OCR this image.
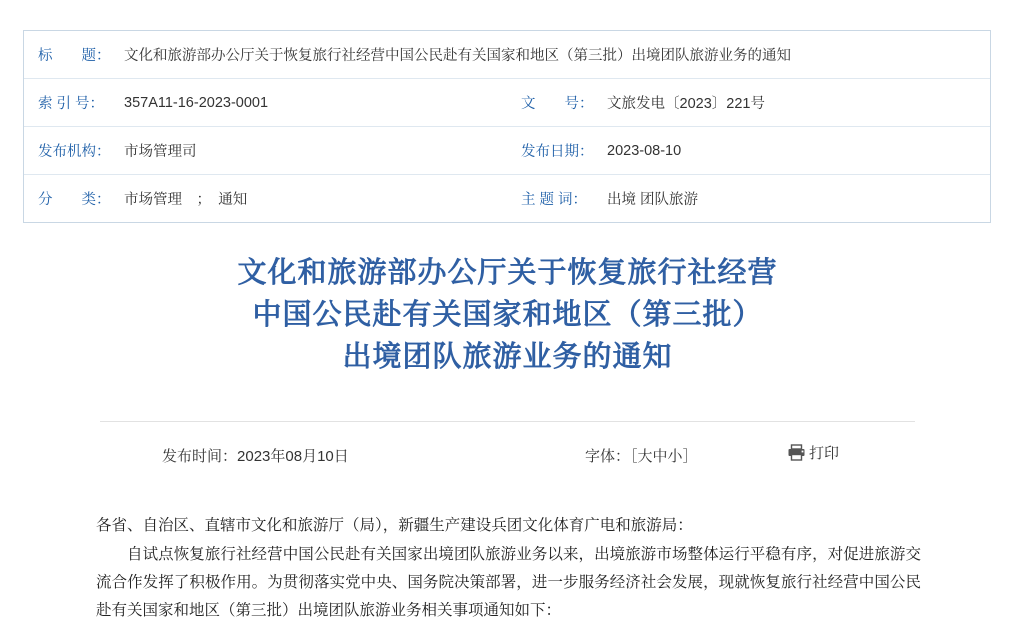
标　　题： 文化和旅游部办公厅关于恢复旅行社经营中国公民赴有关国家和地区（第三批）出境团队旅游业务的通知
索 引 号：	357A11-16-2023-0001	文　　号： 文旅发电〔2023〕221号
发布机构： 市场管理司	发布日期： 2023-08-10
分　　类： 市场管理　；　通知	主 题 词：	出境 团队旅游
文化和旅游部办公厅关于恢复旅行社经营
中国公民赴有关国家和地区（第三批）
出境团队旅游业务的通知
发布时间：2023年08月10日	字体：［大中小］	打印

各省、自治区、直辖市文化和旅游厅（局），新疆生产建设兵团文化体育广电和旅游局：

自试点恢复旅行社经营中国公民赴有关国家出境团队旅游业务以来，出境旅游市场整体运行平稳有序，对促进旅游交流合作发挥了积极作用。为贯彻落实党中央、国务院决策部署，进一步服务经济社会发展，现就恢复旅行社经营中国公民赴有关国家和地区（第三批）出境团队旅游业务相关事项通知如下：
